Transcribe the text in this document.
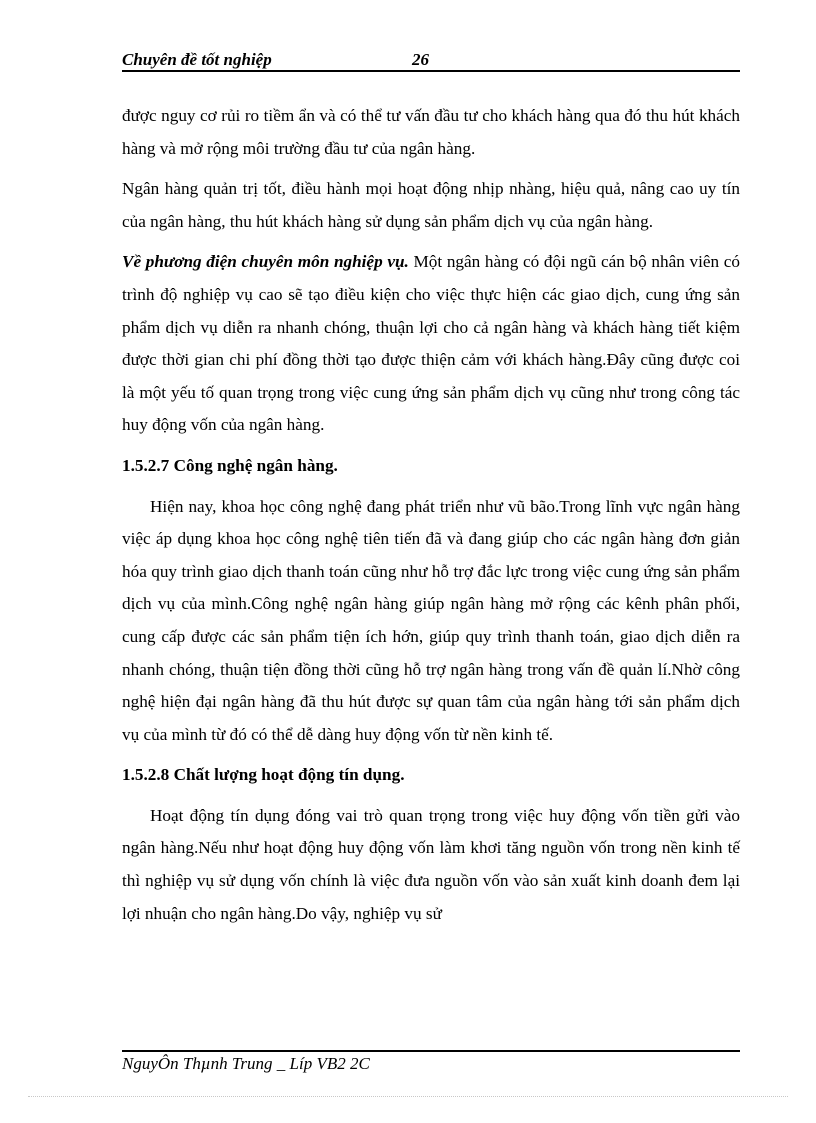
Chuyên đề tốt nghiệp	26

được nguy cơ rủi ro tiềm ẩn và có thể tư vấn đầu tư cho khách hàng qua đó thu hút khách hàng và mở rộng môi trường đầu tư của ngân hàng.

Ngân hàng quản trị tốt, điều hành mọi hoạt động nhịp nhàng, hiệu quả, nâng cao uy tín của ngân hàng, thu hút khách hàng sử dụng sản phẩm dịch vụ của ngân hàng.

Về phương điện chuyên môn nghiệp vụ. Một ngân hàng có đội ngũ cán bộ nhân viên có trình độ nghiệp vụ cao sẽ tạo điều kiện cho việc thực hiện các giao dịch, cung ứng sản phẩm dịch vụ diễn ra nhanh chóng, thuận lợi cho cả ngân hàng và khách hàng tiết kiệm được thời gian chi phí đồng thời tạo được thiện cảm với khách hàng.Đây cũng được coi là một yếu tố quan trọng trong việc cung ứng sản phẩm dịch vụ cũng như trong công tác huy động vốn của ngân hàng.

1.5.2.7 Công nghệ ngân hàng.

Hiện nay, khoa học công nghệ đang phát triển như vũ bão.Trong lĩnh vực ngân hàng việc áp dụng khoa học công nghệ tiên tiến đã và đang giúp cho các ngân hàng đơn giản hóa quy trình giao dịch thanh toán cũng như hỗ trợ đắc lực trong việc cung ứng sản phẩm dịch vụ của mình.Công nghệ ngân hàng giúp ngân hàng mở rộng các kênh phân phối, cung cấp được các sản phẩm tiện ích hớn, giúp quy trình thanh toán, giao dịch diễn ra nhanh chóng, thuận tiện đồng thời cũng hỗ trợ ngân hàng trong vấn đề quản lí.Nhờ công nghệ hiện đại ngân hàng đã thu hút được sự quan tâm của ngân hàng tới sản phẩm dịch vụ của mình từ đó có thể dễ dàng huy động vốn từ nền kinh tế.

1.5.2.8 Chất lượng hoạt động tín dụng.

Hoạt động tín dụng đóng vai trò quan trọng trong việc huy động vốn tiền gửi vào ngân hàng.Nếu như hoạt động huy động vốn làm khơi tăng nguồn vốn trong nền kinh tế thì nghiệp vụ sử dụng vốn chính là việc đưa nguồn vốn vào sản xuất kinh doanh đem lại lợi nhuận cho ngân hàng.Do vậy, nghiệp vụ sử

NguyÔn Thµnh Trung _ Líp VB2 2C
